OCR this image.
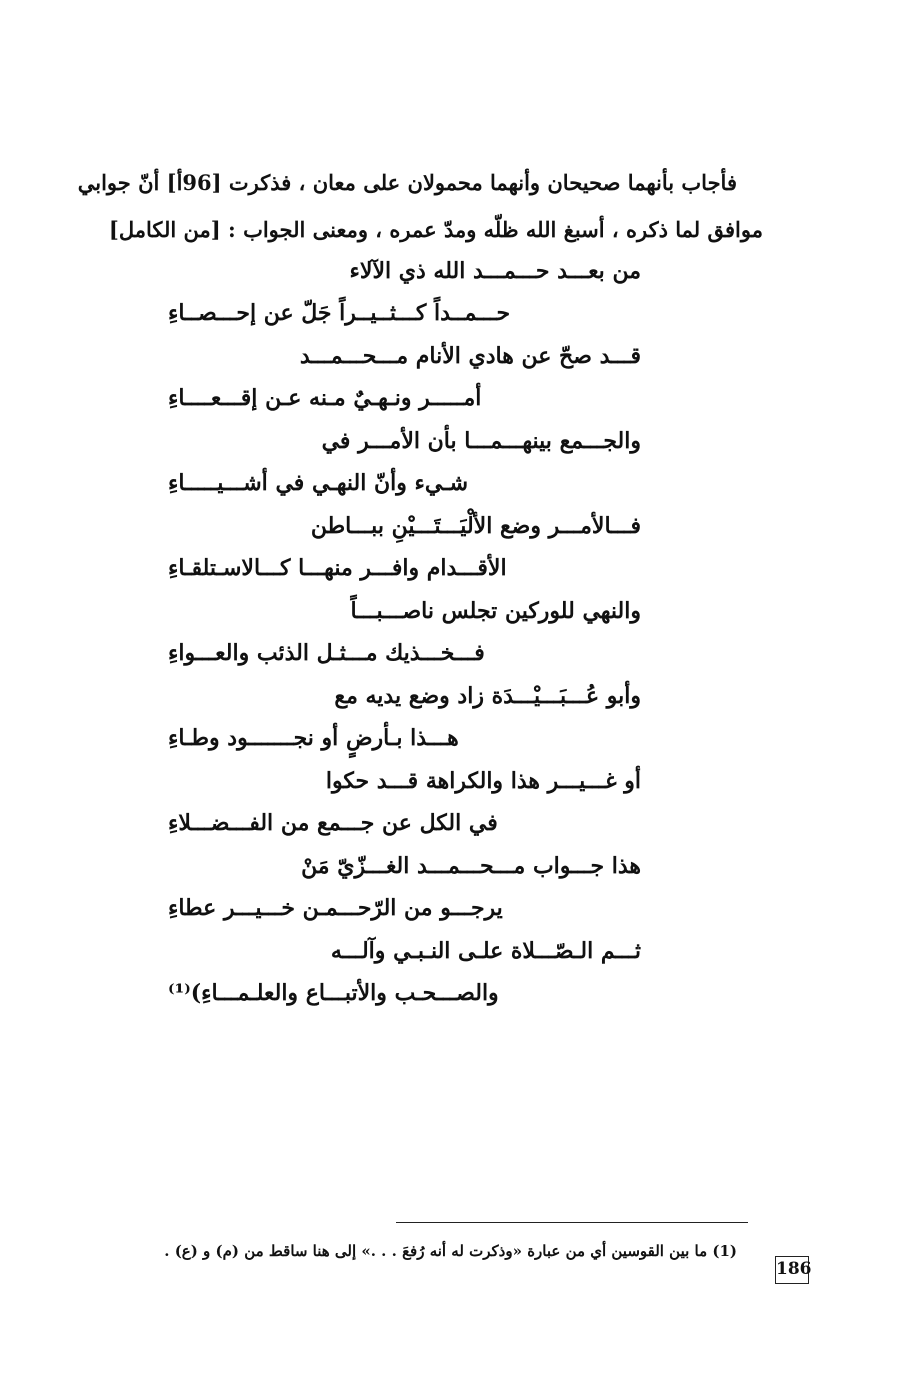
فأجاب بأنهما صحيحان وأنهما محمولان على معان ، فذكرت [96أ] أنّ جوابي
موافق لما ذكره ، أسبغ الله ظلّه ومدّ عمره ، ومعنى الجواب : [من الكامل]
من بعـــد حـــمـــد الله ذي الآلاء
حـــمــداً كـــثــيــراً جَلّ عن إحـــصــاءِ
قـــد صحّ عن هادي الأنام مـــحـــمـــد
أمـــــر ونـهـيٌ مـنه عـن إقـــعــــاءِ
والجـــمع بينهـــمـــا بأن الأمـــر في
شـيء وأنّ النهـي في أشـــيـــــاءِ
فـــالأمـــر وضع الألْيَـــتَـــيْنِ ببـــاطن
الأقـــدام وافـــر منهـــا كـــالاسـتلقـاءِ
والنهي للوركين تجلس ناصـــبـــاً
فـــخـــذيك مـــثـل الذئب والعـــواءِ
وأبو عُـــبَـــيْـــدَة زاد وضع يديه مع
هـــذا بـأرضٍ أو نجـــــــود وطـاءِ
أو غـــيـــر هذا والكراهة قـــد حكوا
في الكل عن جـــمع من الفـــضـــلاءِ
هذا جـــواب مـــحـــمـــد الغـــزّيّ مَنْ
يرجـــو من الرّحـــمـن خـــيـــر عطاءِ
ثـــم الـصّـــلاة علـى النـبـي وآلـــه
والصـــحـب والأتبـــاع والعلـمـــاءِ)⁽¹⁾
(1) ما بين القوسين أي من عبارة «وذكرت له أنه رُفعَ . . .» إلى هنا ساقط من (م) و (ع) .
186
